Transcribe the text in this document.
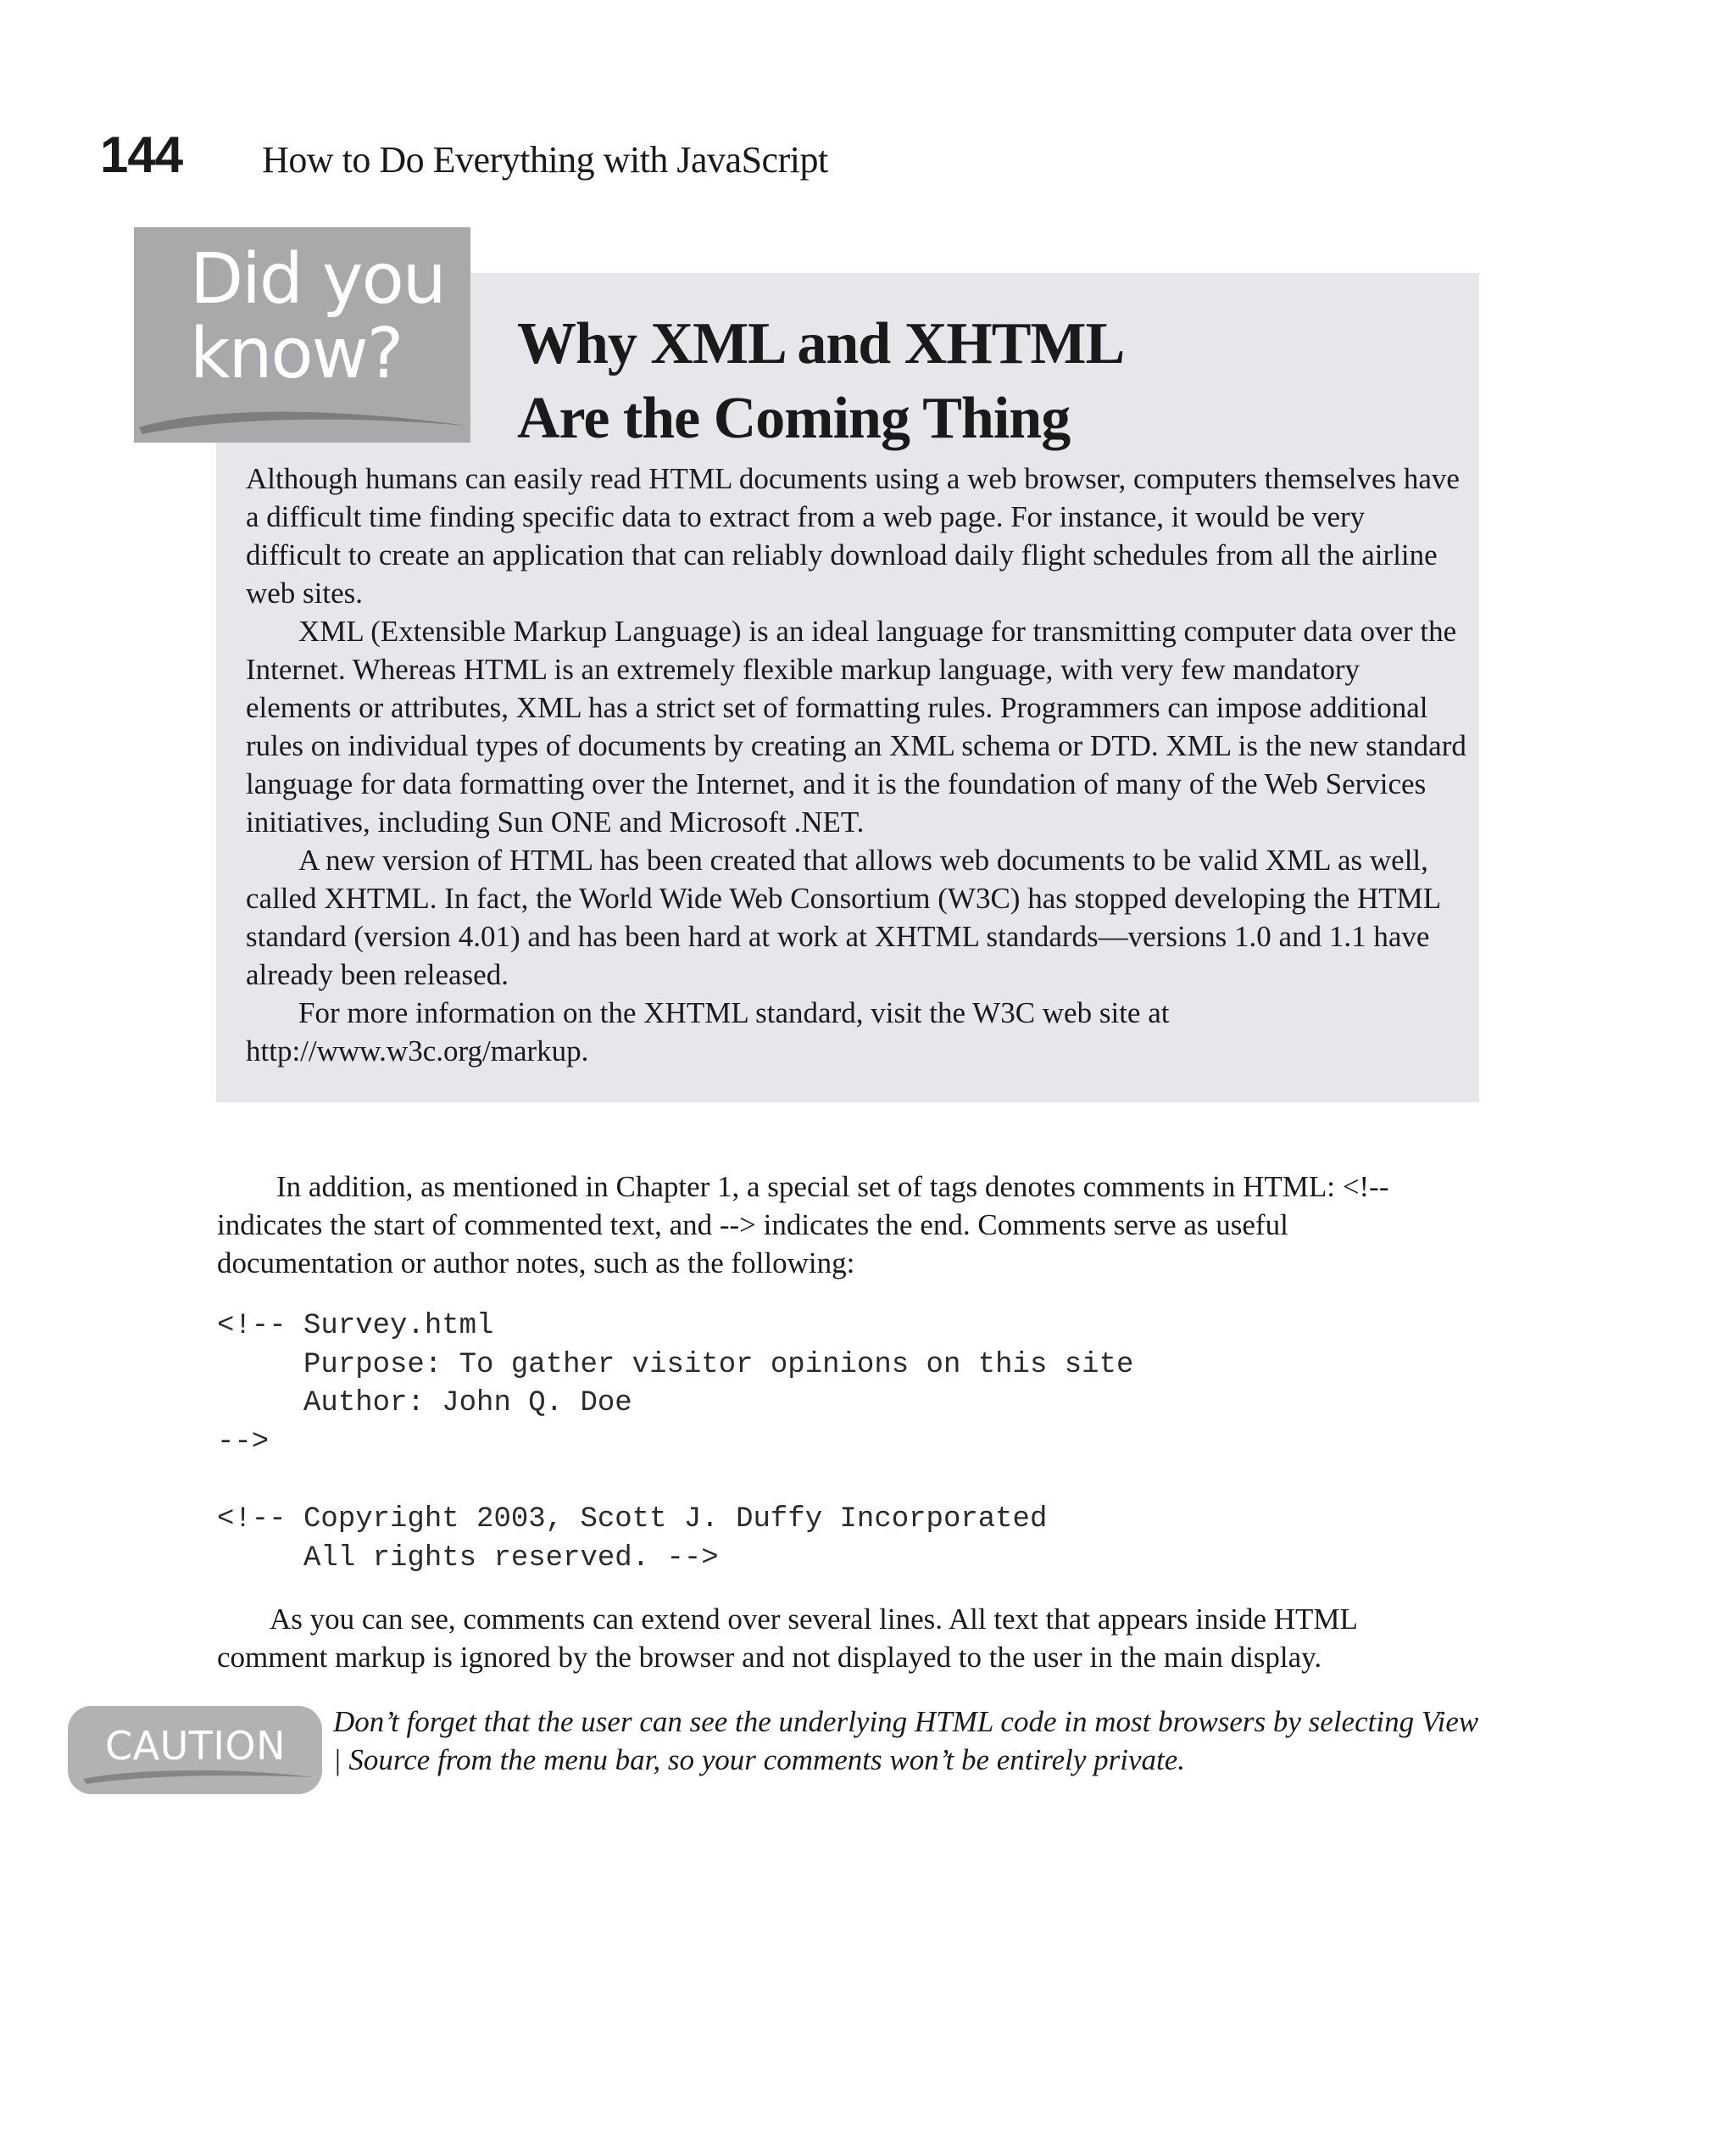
144 How to Do Everything with JavaScript
Did you
know?	Why XML and XHTML
Are the Coming Thing

Although humans can easily read HTML documents using a web browser, computers themselves have a difficult time finding specific data to extract from a web page. For instance, it would be very difficult to create an application that can reliably download daily flight schedules from all the airline web sites.

XML (Extensible Markup Language) is an ideal language for transmitting computer data over the Internet. Whereas HTML is an extremely flexible markup language, with very few mandatory elements or attributes, XML has a strict set of formatting rules. Programmers can impose additional rules on individual types of documents by creating an XML schema or DTD. XML is the new standard language for data formatting over the Internet, and it is the foundation of many of the Web Services initiatives, including Sun ONE and Microsoft .NET.

A new version of HTML has been created that allows web documents to be valid XML as well, called XHTML. In fact, the World Wide Web Consortium (W3C) has stopped developing the HTML standard (version 4.01) and has been hard at work at XHTML standards—versions 1.0 and 1.1 have already been released.

For more information on the XHTML standard, visit the W3C web site at http://www.w3c.org/markup.

In addition, as mentioned in Chapter 1, a special set of tags denotes comments in HTML: <!-- indicates the start of commented text, and --> indicates the end. Comments serve as useful documentation or author notes, such as the following:

<!-- Survey.html
Purpose: To gather visitor opinions on this site
Author: John Q. Doe
-->
<!-- Copyright 2003, Scott J. Duffy Incorporated
All rights reserved. -->

As you can see, comments can extend over several lines. All text that appears inside HTML comment markup is ignored by the browser and not displayed to the user in the main display.

CAUTION

Don’t forget that the user can see the underlying HTML code in most browsers by selecting View | Source from the menu bar, so your comments won’t be entirely private.
